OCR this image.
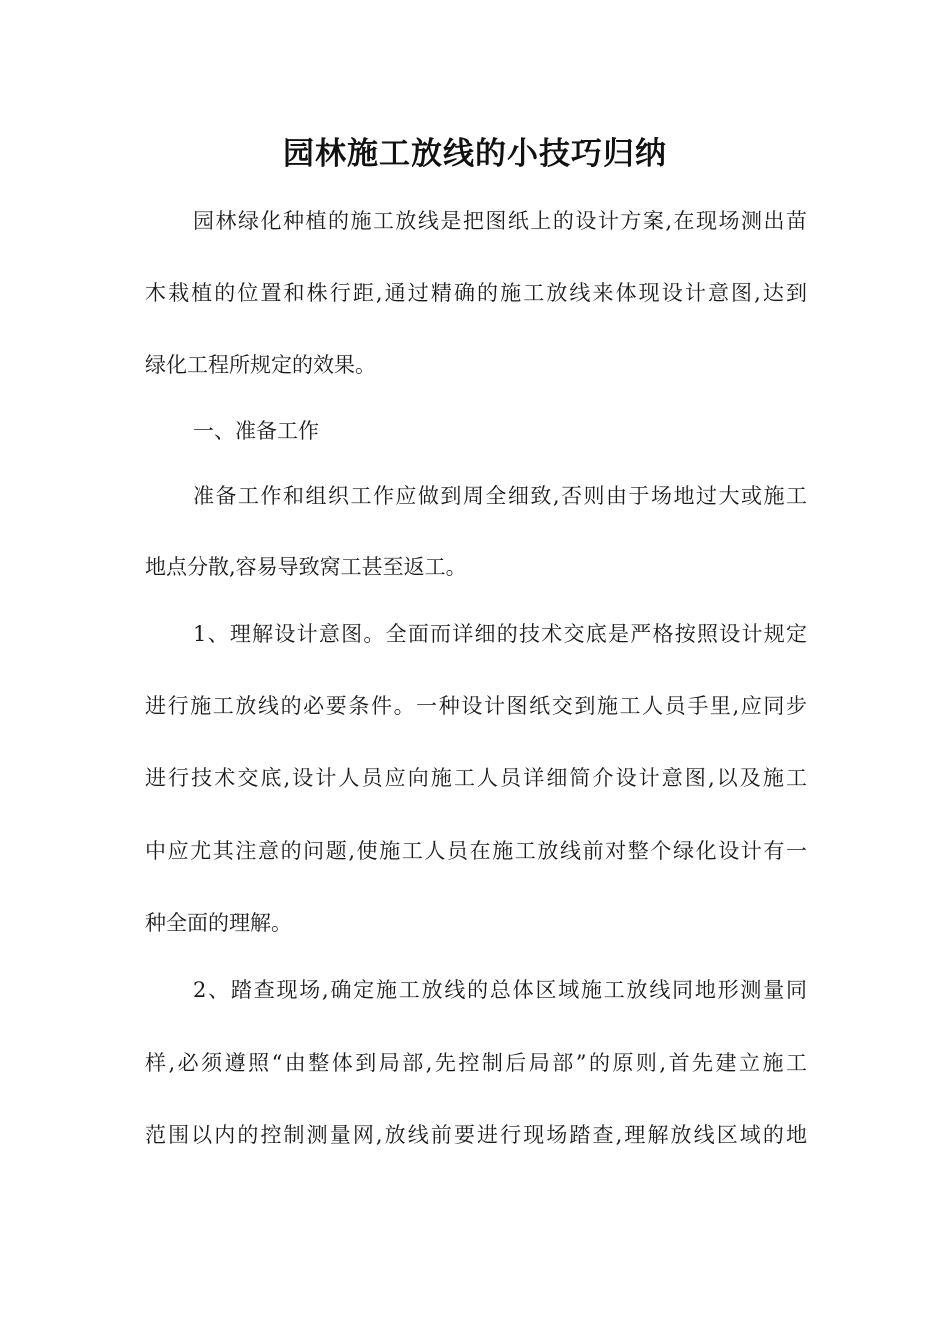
园林施工放线的小技巧归纳
园林绿化种植的施工放线是把图纸上的设计方案,在现场测出苗
木栽植的位置和株行距,通过精确的施工放线来体现设计意图,达到
绿化工程所规定的效果。
一、准备工作
准备工作和组织工作应做到周全细致,否则由于场地过大或施工
地点分散,容易导致窝工甚至返工。
1、理解设计意图。全面而详细的技术交底是严格按照设计规定
进行施工放线的必要条件。一种设计图纸交到施工人员手里,应同步
进行技术交底,设计人员应向施工人员详细简介设计意图,以及施工
中应尤其注意的问题,使施工人员在施工放线前对整个绿化设计有一
种全面的理解。
2、踏查现场,确定施工放线的总体区域施工放线同地形测量同
样,必须遵照“由整体到局部,先控制后局部”的原则,首先建立施工
范围以内的控制测量网,放线前要进行现场踏查,理解放线区域的地
